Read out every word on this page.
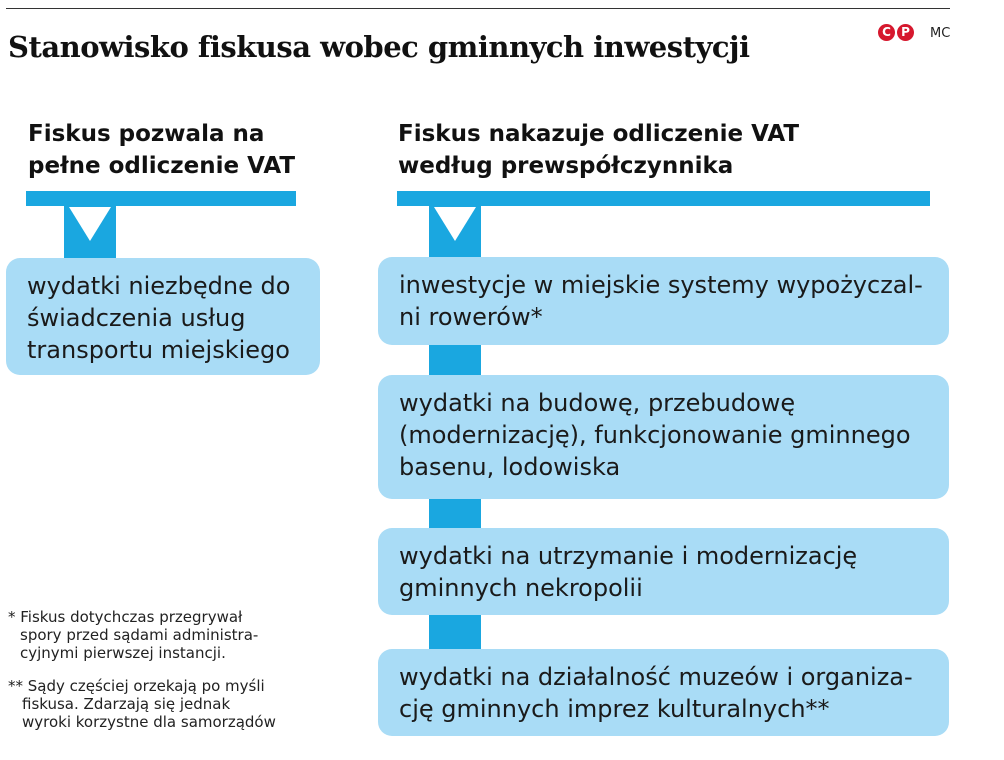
Stanowisko fiskusa wobec gminnych inwestycji	C P	MC
Fiskus pozwala na
pełne odliczenie VAT
Fiskus nakazuje odliczenie VAT
według prewspółczynnika
wydatki niezbędne do
świadczenia usług
transportu miejskiego
inwestycje w miejskie systemy wypożyczal-
ni rowerów*
wydatki na budowę, przebudowę
(modernizację), funkcjonowanie gminnego
basenu, lodowiska
wydatki na utrzymanie i modernizację
gminnych nekropolii
wydatki na działalność muzeów i organiza-
cję gminnych imprez kulturalnych**
* Fiskus dotychczas przegrywał
spory przed sądami administra-
cyjnymi pierwszej instancji.
** Sądy częściej orzekają po myśli
fiskusa. Zdarzają się jednak
wyroki korzystne dla samorządów
